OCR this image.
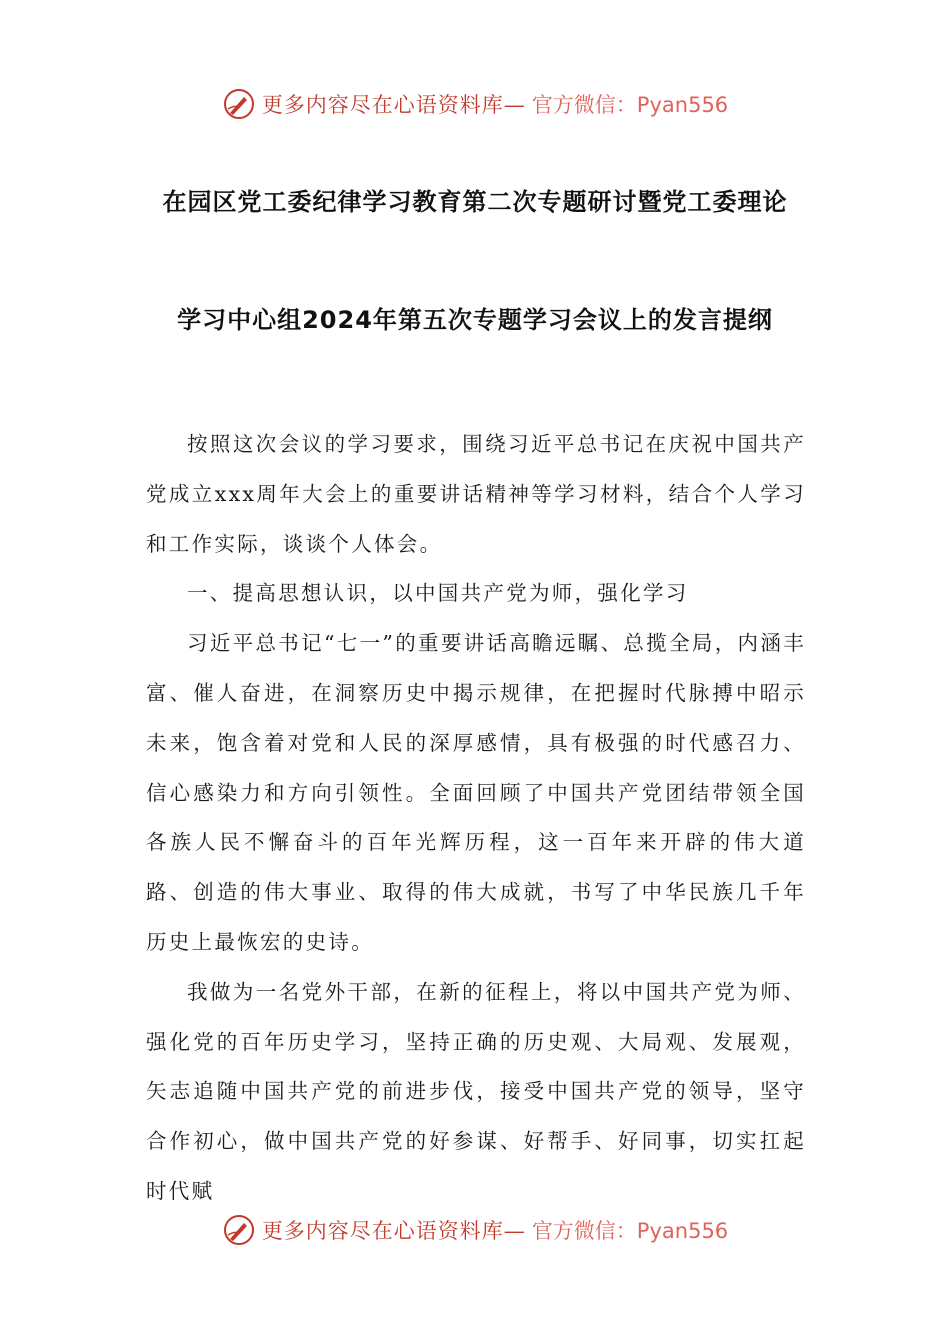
更多内容尽在心语资料库— 官方微信：Pyan556
在园区党工委纪律学习教育第二次专题研讨暨党工委理论
学习中心组2024年第五次专题学习会议上的发言提纲

按照这次会议的学习要求，围绕习近平总书记在庆祝中国共产党成立xxx周年大会上的重要讲话精神等学习材料，结合个人学习和工作实际，谈谈个人体会。

一、提高思想认识，以中国共产党为师，强化学习

习近平总书记“七一”的重要讲话高瞻远瞩、总揽全局，内涵丰富、催人奋进，在洞察历史中揭示规律，在把握时代脉搏中昭示未来，饱含着对党和人民的深厚感情，具有极强的时代感召力、信心感染力和方向引领性。全面回顾了中国共产党团结带领全国各族人民不懈奋斗的百年光辉历程，这一百年来开辟的伟大道路、创造的伟大事业、取得的伟大成就，书写了中华民族几千年历史上最恢宏的史诗。

我做为一名党外干部，在新的征程上，将以中国共产党为师、强化党的百年历史学习，坚持正确的历史观、大局观、发展观，矢志追随中国共产党的前进步伐，接受中国共产党的领导，坚守合作初心，做中国共产党的好参谋、好帮手、好同事，切实扛起时代赋

更多内容尽在心语资料库— 官方微信：Pyan556
